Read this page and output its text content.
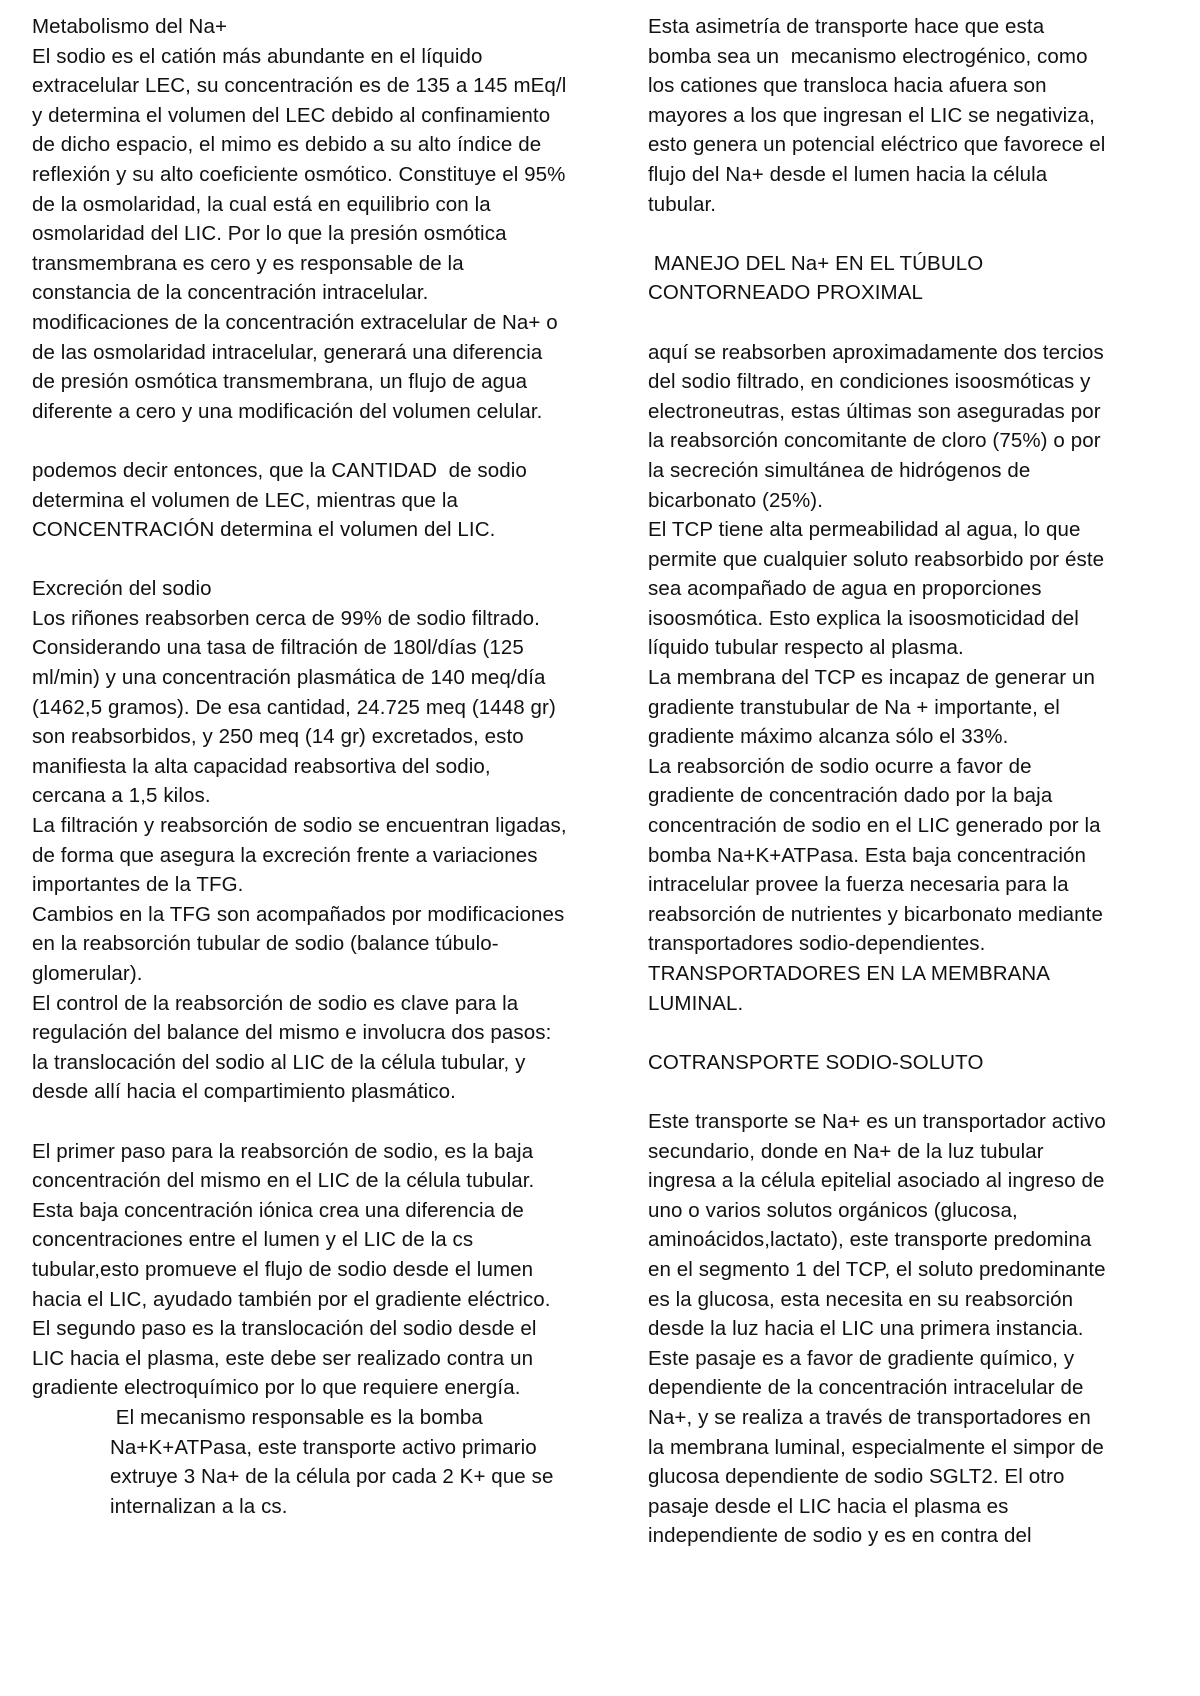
Metabolismo del Na+
El sodio es el catión más abundante en el líquido
extracelular LEC, su concentración es de 135 a 145 mEq/l
y determina el volumen del LEC debido al confinamiento
de dicho espacio, el mimo es debido a su alto índice de
reflexión y su alto coeficiente osmótico. Constituye el 95%
de la osmolaridad, la cual está en equilibrio con la
osmolaridad del LIC. Por lo que la presión osmótica
transmembrana es cero y es responsable de la
constancia de la concentración intracelular.
modificaciones de la concentración extracelular de Na+ o
de las osmolaridad intracelular, generará una diferencia
de presión osmótica transmembrana, un flujo de agua
diferente a cero y una modificación del volumen celular.
podemos decir entonces, que la CANTIDAD  de sodio
determina el volumen de LEC, mientras que la
CONCENTRACIÓN determina el volumen del LIC.
Excreción del sodio
Los riñones reabsorben cerca de 99% de sodio filtrado.
Considerando una tasa de filtración de 180l/días (125
ml/min) y una concentración plasmática de 140 meq/día
(1462,5 gramos). De esa cantidad, 24.725 meq (1448 gr)
son reabsorbidos, y 250 meq (14 gr) excretados, esto
manifiesta la alta capacidad reabsortiva del sodio,
cercana a 1,5 kilos.
La filtración y reabsorción de sodio se encuentran ligadas,
de forma que asegura la excreción frente a variaciones
importantes de la TFG.
Cambios en la TFG son acompañados por modificaciones
en la reabsorción tubular de sodio (balance túbulo-
glomerular).
El control de la reabsorción de sodio es clave para la
regulación del balance del mismo e involucra dos pasos:
la translocación del sodio al LIC de la célula tubular, y
desde allí hacia el compartimiento plasmático.
El primer paso para la reabsorción de sodio, es la baja
concentración del mismo en el LIC de la célula tubular.
Esta baja concentración iónica crea una diferencia de
concentraciones entre el lumen y el LIC de la cs
tubular,esto promueve el flujo de sodio desde el lumen
hacia el LIC, ayudado también por el gradiente eléctrico.
El segundo paso es la translocación del sodio desde el
LIC hacia el plasma, este debe ser realizado contra un
gradiente electroquímico por lo que requiere energía.
El mecanismo responsable es la bomba
Na+K+ATPasa, este transporte activo primario
extruye 3 Na+ de la célula por cada 2 K+ que se
internalizan a la cs.
Esta asimetría de transporte hace que esta
bomba sea un  mecanismo electrogénico, como
los cationes que transloca hacia afuera son
mayores a los que ingresan el LIC se negativiza,
esto genera un potencial eléctrico que favorece el
flujo del Na+ desde el lumen hacia la célula
tubular.
MANEJO DEL Na+ EN EL TÚBULO
CONTORNEADO PROXIMAL
aquí se reabsorben aproximadamente dos tercios
del sodio filtrado, en condiciones isoosmóticas y
electroneutras, estas últimas son aseguradas por
la reabsorción concomitante de cloro (75%) o por
la secreción simultánea de hidrógenos de
bicarbonato (25%).
El TCP tiene alta permeabilidad al agua, lo que
permite que cualquier soluto reabsorbido por éste
sea acompañado de agua en proporciones
isoosmótica. Esto explica la isoosmoticidad del
líquido tubular respecto al plasma.
La membrana del TCP es incapaz de generar un
gradiente transtubular de Na + importante, el
gradiente máximo alcanza sólo el 33%.
La reabsorción de sodio ocurre a favor de
gradiente de concentración dado por la baja
concentración de sodio en el LIC generado por la
bomba Na+K+ATPasa. Esta baja concentración
intracelular provee la fuerza necesaria para la
reabsorción de nutrientes y bicarbonato mediante
transportadores sodio-dependientes.
TRANSPORTADORES EN LA MEMBRANA
LUMINAL.
COTRANSPORTE SODIO-SOLUTO
Este transporte se Na+ es un transportador activo
secundario, donde en Na+ de la luz tubular
ingresa a la célula epitelial asociado al ingreso de
uno o varios solutos orgánicos (glucosa,
aminoácidos,lactato), este transporte predomina
en el segmento 1 del TCP, el soluto predominante
es la glucosa, esta necesita en su reabsorción
desde la luz hacia el LIC una primera instancia.
Este pasaje es a favor de gradiente químico, y
dependiente de la concentración intracelular de
Na+, y se realiza a través de transportadores en
la membrana luminal, especialmente el simpor de
glucosa dependiente de sodio SGLT2. El otro
pasaje desde el LIC hacia el plasma es
independiente de sodio y es en contra del
